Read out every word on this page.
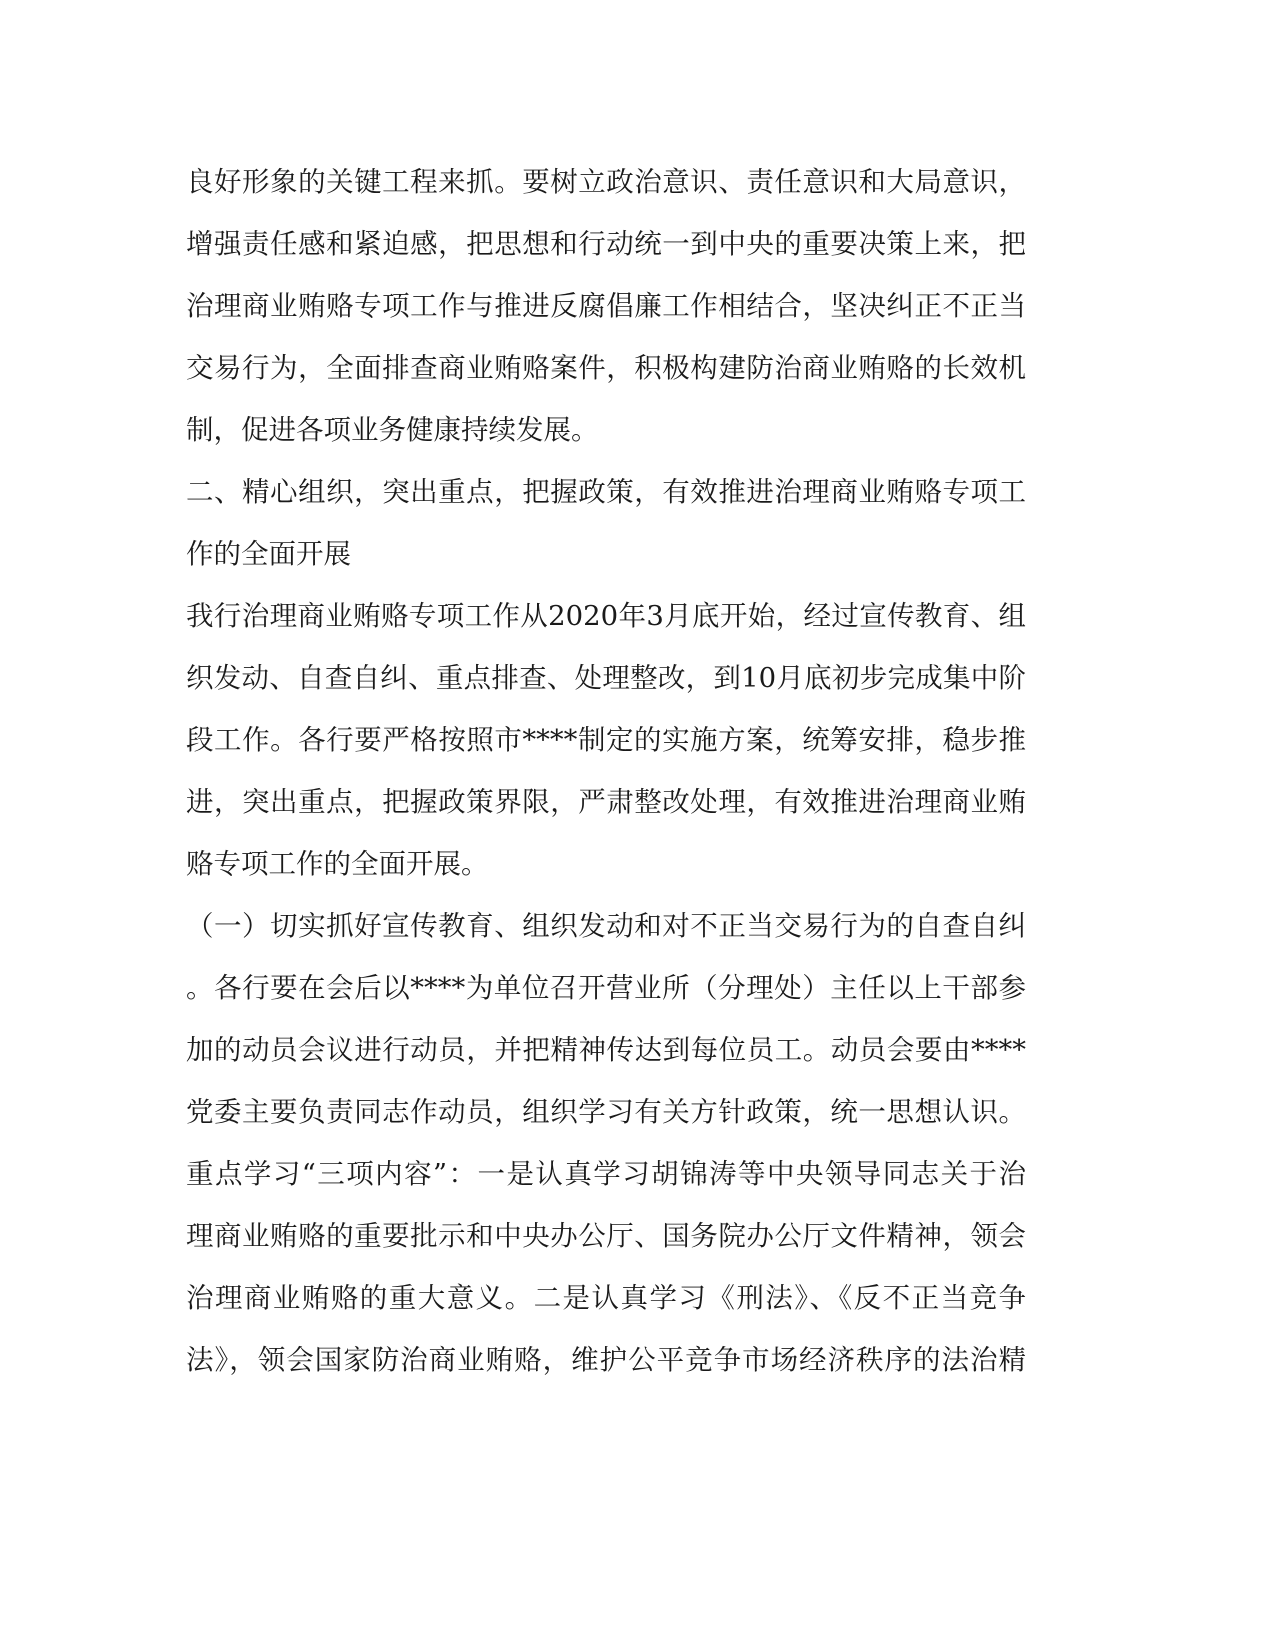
良好形象的关键工程来抓。要树立政治意识、责任意识和大局意识，
增强责任感和紧迫感，把思想和行动统一到中央的重要决策上来，把
治理商业贿赂专项工作与推进反腐倡廉工作相结合，坚决纠正不正当
交易行为，全面排查商业贿赂案件，积极构建防治商业贿赂的长效机
制，促进各项业务健康持续发展。
二、精心组织，突出重点，把握政策，有效推进治理商业贿赂专项工
作的全面开展
我行治理商业贿赂专项工作从2020年3月底开始，经过宣传教育、组
织发动、自查自纠、重点排查、处理整改，到10月底初步完成集中阶
段工作。各行要严格按照市****制定的实施方案，统筹安排，稳步推
进，突出重点，把握政策界限，严肃整改处理，有效推进治理商业贿
赂专项工作的全面开展。
（一）切实抓好宣传教育、组织发动和对不正当交易行为的自查自纠
。各行要在会后以****为单位召开营业所（分理处）主任以上干部参
加的动员会议进行动员，并把精神传达到每位员工。动员会要由****
党委主要负责同志作动员，组织学习有关方针政策，统一思想认识。
重点学习“三项内容”：一是认真学习胡锦涛等中央领导同志关于治
理商业贿赂的重要批示和中央办公厅、国务院办公厅文件精神，领会
治理商业贿赂的重大意义。二是认真学习《刑法》、《反不正当竞争
法》，领会国家防治商业贿赂，维护公平竞争市场经济秩序的法治精
